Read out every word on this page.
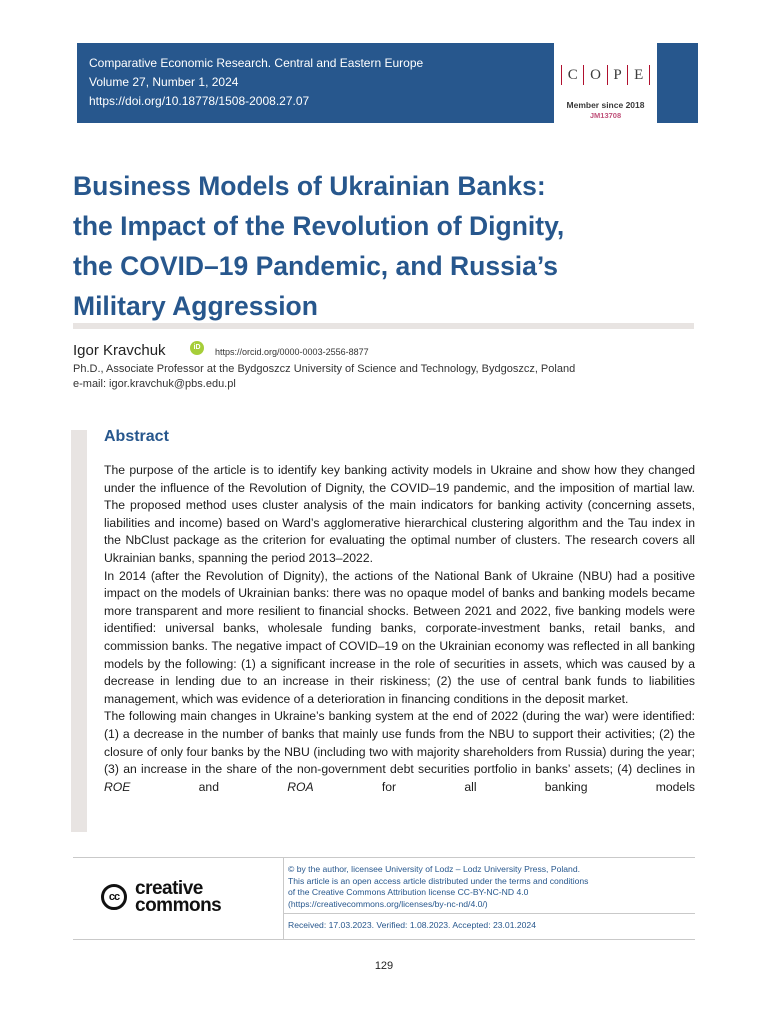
Comparative Economic Research. Central and Eastern Europe
Volume 27, Number 1, 2024
https://doi.org/10.18778/1508-2008.27.07
C O P E
Member since 2018
JM13708
Business Models of Ukrainian Banks:
the Impact of the Revolution of Dignity,
the COVID–19 Pandemic, and Russia’s
Military Aggression
Igor Kravchuk	iD	https://orcid.org/0000-0003-2556-8877
Ph.D., Associate Professor at the Bydgoszcz University of Science and Technology, Bydgoszcz, Poland
e-mail: igor.kravchuk@pbs.edu.pl
Abstract

The purpose of the article is to identify key banking activity models in Ukraine and show how they changed under the influence of the Revolution of Dignity, the COVID–19 pandemic, and the imposition of martial law. The proposed method uses cluster analysis of the main indicators for banking activity (concerning assets, liabilities and income) based on Ward’s agglomerative hierarchical clustering algorithm and the Tau index in the NbClust package as the criterion for evaluating the optimal number of clusters. The research covers all Ukrainian banks, spanning the period 2013–2022.

In 2014 (after the Revolution of Dignity), the actions of the National Bank of Ukraine (NBU) had a positive impact on the models of Ukrainian banks: there was no opaque model of banks and banking models became more transparent and more resilient to financial shocks. Between 2021 and 2022, five banking models were identified: universal banks, wholesale funding banks, corporate-investment banks, retail banks, and commission banks. The negative impact of COVID–19 on the Ukrainian economy was reflected in all banking models by the following: (1) a significant increase in the role of securities in assets, which was caused by a decrease in lending due to an increase in their riskiness; (2) the use of central bank funds to liabilities management, which was evidence of a deterioration in financing conditions in the deposit market.

The following main changes in Ukraine’s banking system at the end of 2022 (during the war) were identified: (1) a decrease in the number of banks that mainly use funds from the NBU to support their activities; (2) the closure of only four banks by the NBU (including two with majority shareholders from Russia) during the year; (3) an increase in the share of the non-government debt securities portfolio in banks’ assets; (4) declines in ROE and ROA for all banking models

cc creative
commons
© by the author, licensee University of Lodz – Lodz University Press, Poland.
This article is an open access article distributed under the terms and conditions
of the Creative Commons Attribution license CC-BY-NC-ND 4.0
(https://creativecommons.org/licenses/by-nc-nd/4.0/)
Received: 17.03.2023. Verified: 1.08.2023. Accepted: 23.01.2024
129
